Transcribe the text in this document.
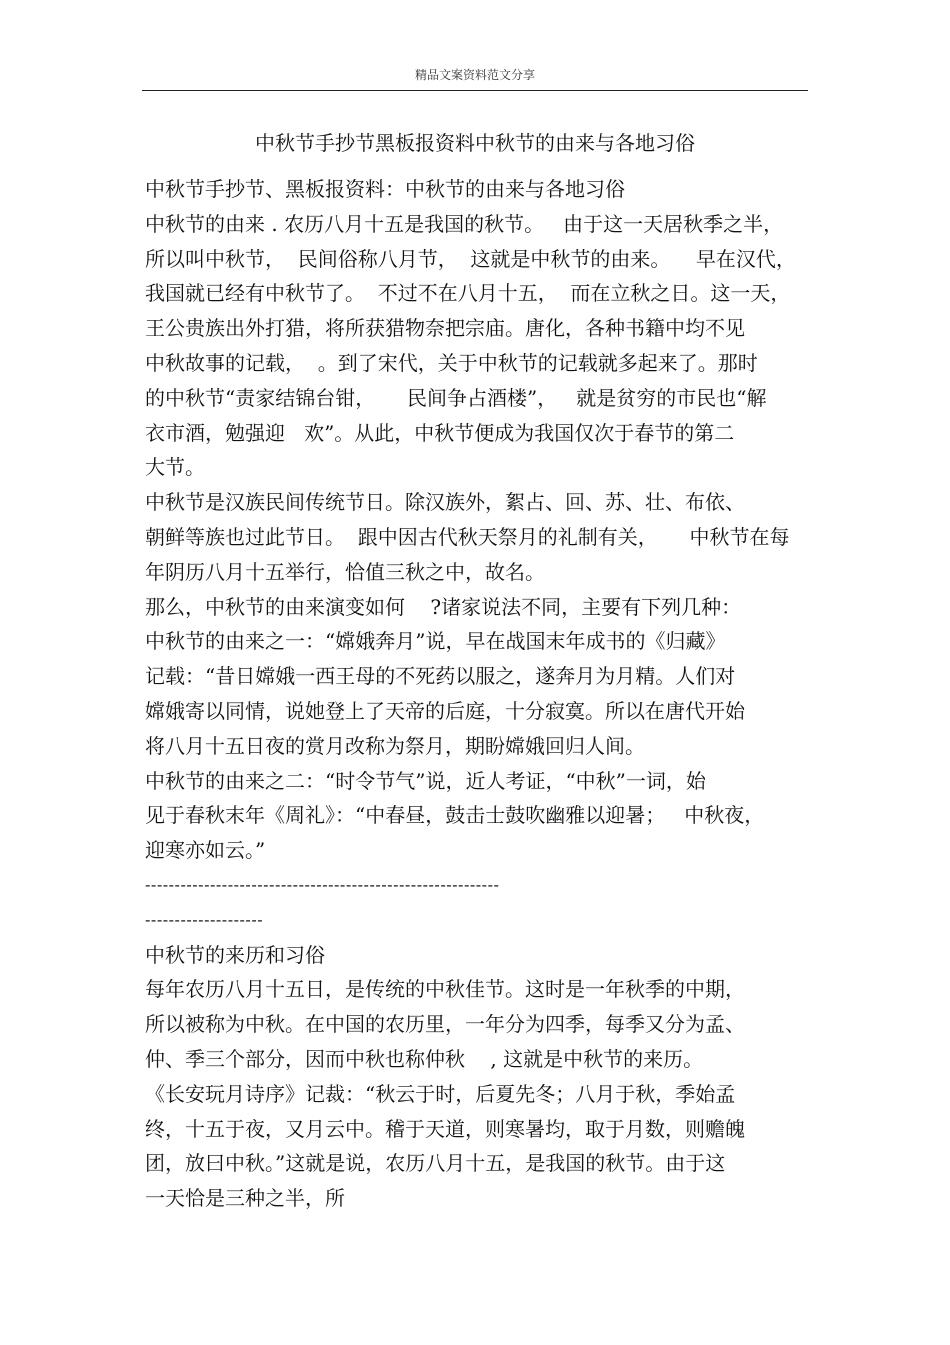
精品文案资料范文分享
中秋节手抄节黑板报资料中秋节的由来与各地习俗
中秋节手抄节、黑板报资料：中秋节的由来与各地习俗
中秋节的由来 . 农历八月十五是我国的秋节。   由于这一天居秋季之半，
所以叫中秋节，  民间俗称八月节，  这就是中秋节的由来。    早在汉代，
我国就已经有中秋节了。  不过不在八月十五，  而在立秋之日。这一天，
王公贵族出外打猎，将所获猎物奈把宗庙。唐化，各种书籍中均不见
中秋故事的记载，  。到了宋代，关于中秋节的记载就多起来了。那时
的中秋节“责家结锦台钳，     民间争占酒楼”，   就是贫穷的市民也“解
衣市酒，勉强迎   欢”。从此，中秋节便成为我国仅次于春节的第二
大节。
中秋节是汉族民间传统节日。除汉族外，絮占、回、苏、壮、布依、
朝鲜等族也过此节日。  跟中因古代秋天祭月的礼制有关，     中秋节在每
年阴历八月十五举行，恰值三秋之中，故名。
那么，中秋节的由来演变如何    ?诸家说法不同，主要有下列几种：
中秋节的由来之一：“嫦娥奔月”说，早在战国末年成书的《归藏》
记载：“昔日嫦娥一西王母的不死药以服之，遂奔月为月精。人们对
嫦娥寄以同情，说她登上了天帝的后庭，十分寂寞。所以在唐代开始
将八月十五日夜的赏月改称为祭月，期盼嫦娥回归人间。
中秋节的由来之二：“时令节气”说，近人考证，“中秋”一词，始
见于春秋末年《周礼》：“中春昼，鼓击士鼓吹幽雅以迎暑；   中秋夜，
迎寒亦如云。”
------------------------------------------------------------
--------------------
中秋节的来历和习俗
每年农历八月十五日，是传统的中秋佳节。这时是一年秋季的中期，
所以被称为中秋。在中国的农历里，一年分为四季，每季又分为孟、
仲、季三个部分，因而中秋也称仲秋    , 这就是中秋节的来历。
《长安玩月诗序》记裁：“秋云于时，后夏先冬；八月于秋，季始孟
终，十五于夜，又月云中。稽于天道，则寒暑均，取于月数，则赡魄
团，放曰中秋。”这就是说，农历八月十五，是我国的秋节。由于这
一天恰是三种之半，所
